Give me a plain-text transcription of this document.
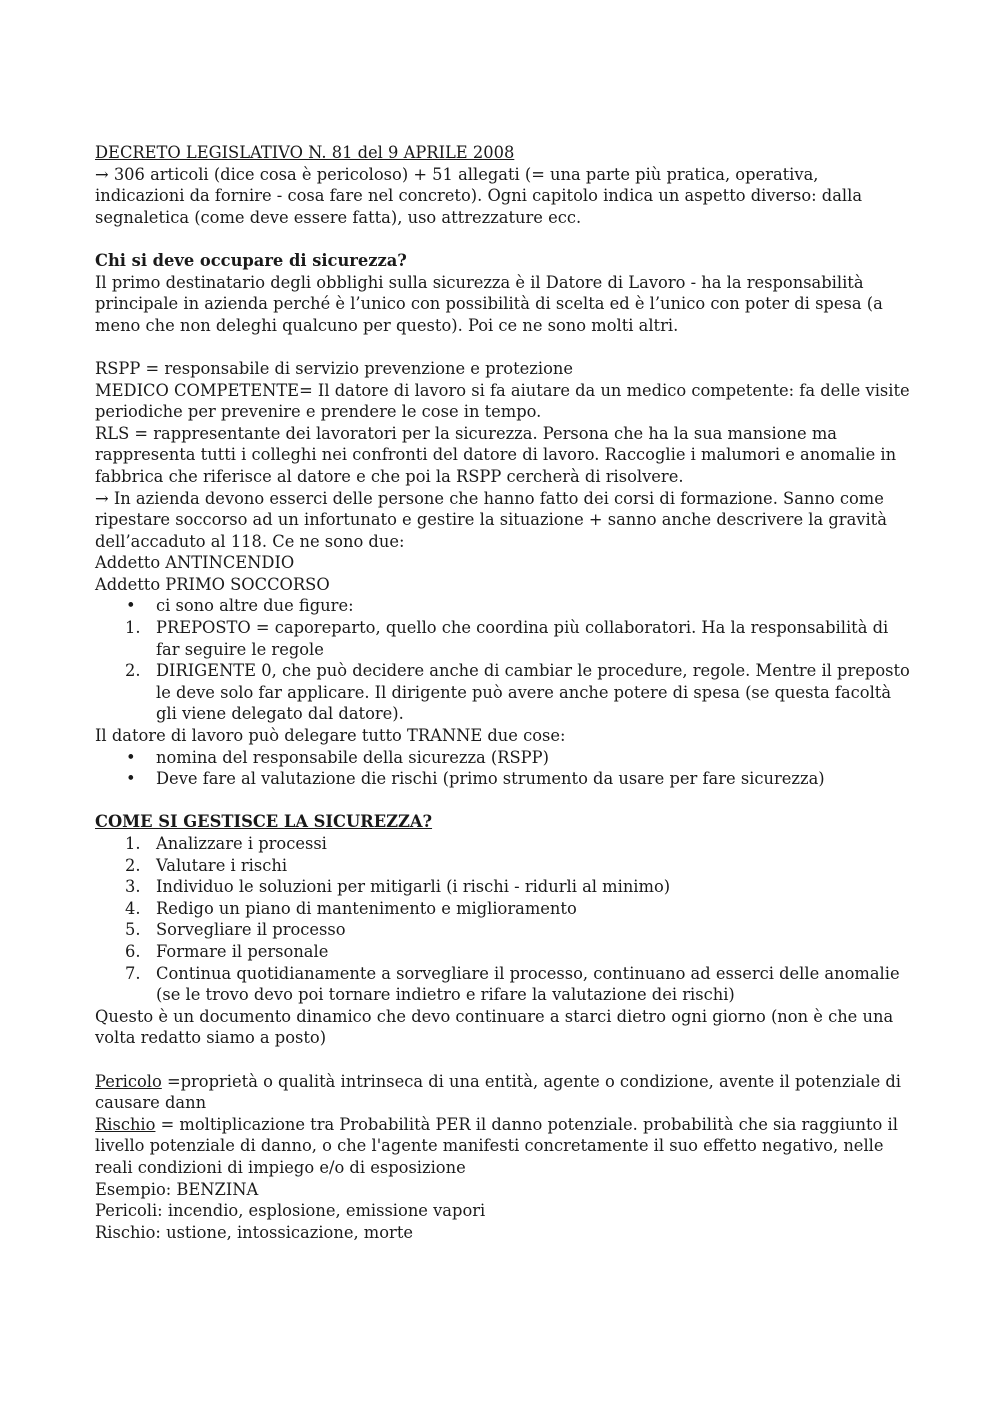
DECRETO LEGISLATIVO N. 81 del 9 APRILE 2008

→ 306 articoli (dice cosa è pericoloso) + 51 allegati (= una parte più pratica, operativa, indicazioni da fornire - cosa fare nel concreto). Ogni capitolo indica un aspetto diverso: dalla segnaletica (come deve essere fatta), uso attrezzature ecc.

Chi si deve occupare di sicurezza?

Il primo destinatario degli obblighi sulla sicurezza è il Datore di Lavoro - ha la responsabilità principale in azienda perché è l’unico con possibilità di scelta ed è l’unico con poter di spesa (a meno che non deleghi qualcuno per questo). Poi ce ne sono molti altri.

RSPP = responsabile di servizio prevenzione e protezione

MEDICO COMPETENTE= Il datore di lavoro si fa aiutare da un medico competente: fa delle visite periodiche per prevenire e prendere le cose in tempo.

RLS = rappresentante dei lavoratori per la sicurezza. Persona che ha la sua mansione ma rappresenta tutti i colleghi nei confronti del datore di lavoro. Raccoglie i malumori e anomalie in fabbrica che riferisce al datore e che poi la RSPP cercherà di risolvere.

→ In azienda devono esserci delle persone che hanno fatto dei corsi di formazione. Sanno come ripestare soccorso ad un infortunato e gestire la situazione + sanno anche descrivere la gravità dell’accaduto al 118. Ce ne sono due:

Addetto ANTINCENDIO

Addetto PRIMO SOCCORSO

• ci sono altre due figure:
1. PREPOSTO = caporeparto, quello che coordina più collaboratori. Ha la responsabilità di far seguire le regole
2. DIRIGENTE 0, che può decidere anche di cambiar le procedure, regole. Mentre il preposto le deve solo far applicare. Il dirigente può avere anche potere di spesa (se questa facoltà gli viene delegato dal datore).

Il datore di lavoro può delegare tutto TRANNE due cose:

• nomina del responsabile della sicurezza (RSPP)
• Deve fare al valutazione die rischi (primo strumento da usare per fare sicurezza)

COME SI GESTISCE LA SICUREZZA?

1. Analizzare i processi
2. Valutare i rischi
3. Individuo le soluzioni per mitigarli (i rischi - ridurli al minimo)
4. Redigo un piano di mantenimento e miglioramento
5. Sorvegliare il processo
6. Formare il personale
7. Continua quotidianamente a sorvegliare il processo, continuano ad esserci delle anomalie (se le trovo devo poi tornare indietro e rifare la valutazione dei rischi)

Questo è un documento dinamico che devo continuare a starci dietro ogni giorno (non è che una volta redatto siamo a posto)

Pericolo =proprietà o qualità intrinseca di una entità, agente o condizione, avente il potenziale di causare dann

Rischio = moltiplicazione tra Probabilità PER il danno potenziale. probabilità che sia raggiunto il livello potenziale di danno, o che l'agente manifesti concretamente il suo effetto negativo, nelle reali condizioni di impiego e/o di esposizione

Esempio: BENZINA

Pericoli: incendio, esplosione, emissione vapori

Rischio: ustione, intossicazione, morte
